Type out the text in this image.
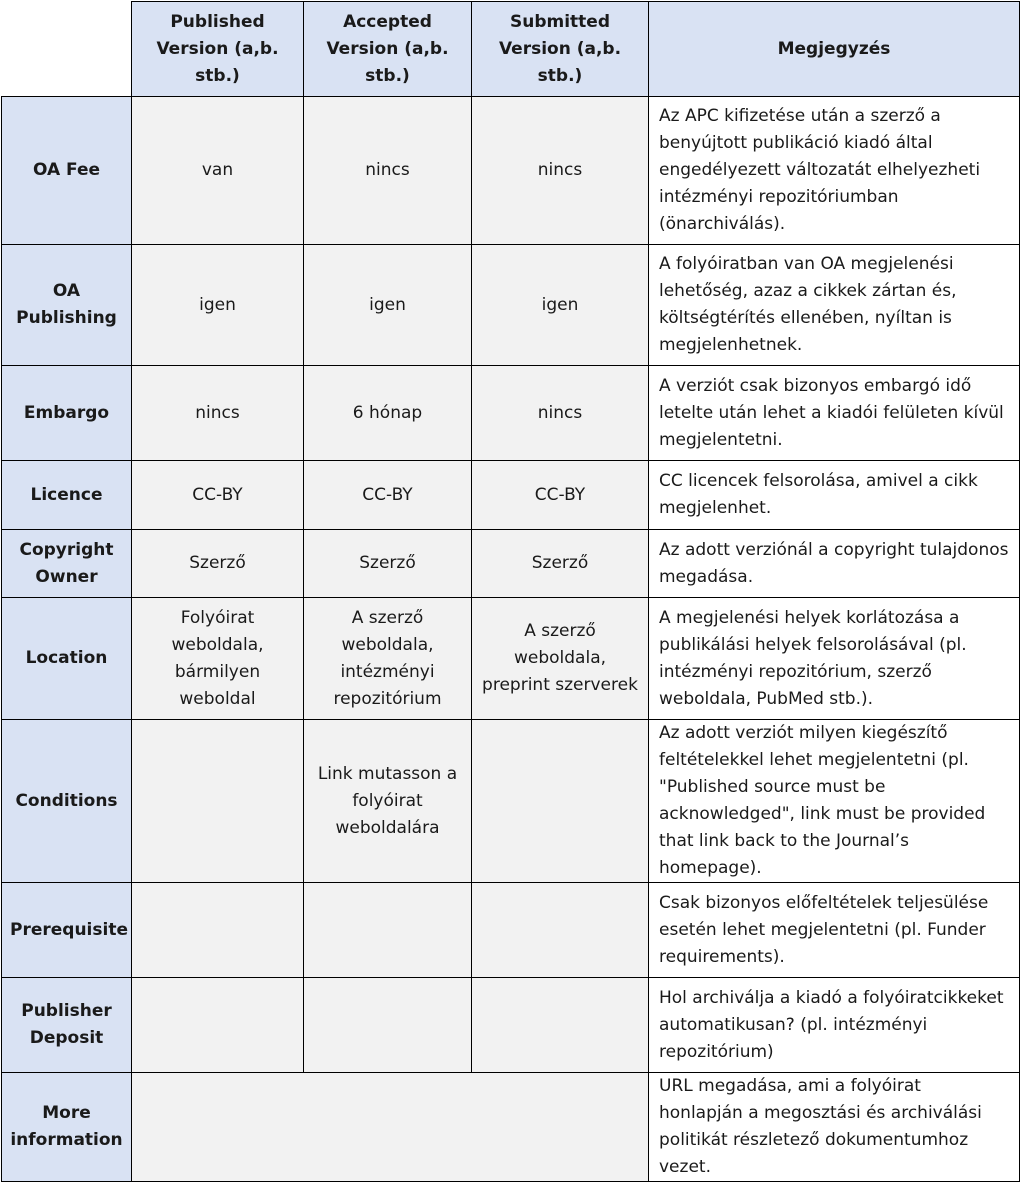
	Published Version (a,b. stb.)	Accepted Version (a,b. stb.)	Submitted Version (a,b. stb.)	Megjegyzés
OA Fee	van	nincs	nincs	Az APC kifizetése után a szerző a benyújtott publikáció kiadó által engedélyezett változatát elhelyezheti intézményi repozitóriumban (önarchiválás).
OA Publishing	igen	igen	igen	A folyóiratban van OA megjelenési lehetőség, azaz a cikkek zártan és, költségtérítés ellenében, nyíltan is megjelenhetnek.
Embargo	nincs	6 hónap	nincs	A verziót csak bizonyos embargó idő letelte után lehet a kiadói felületen kívül megjelentetni.
Licence	CC-BY	CC-BY	CC-BY	CC licencek felsorolása, amivel a cikk megjelenhet.
Copyright Owner	Szerző	Szerző	Szerző	Az adott verziónál a copyright tulajdonos megadása.
Location	Folyóirat weboldala, bármilyen weboldal	A szerző weboldala, intézményi repozitórium	A szerző weboldala, preprint szerverek	A megjelenési helyek korlátozása a publikálási helyek felsorolásával (pl. intézményi repozitórium, szerző weboldala, PubMed stb.).
Conditions		Link mutasson a folyóirat weboldalára		Az adott verziót milyen kiegészítő feltételekkel lehet megjelentetni (pl. "Published source must be acknowledged", link must be provided that link back to the Journal’s homepage).
Prerequisite				Csak bizonyos előfeltételek teljesülése esetén lehet megjelentetni (pl. Funder requirements).
Publisher Deposit				Hol archiválja a kiadó a folyóiratcikkeket automatikusan? (pl. intézményi repozitórium)
More information				URL megadása, ami a folyóirat honlapján a megosztási és archiválási politikát részletező dokumentumhoz vezet.
